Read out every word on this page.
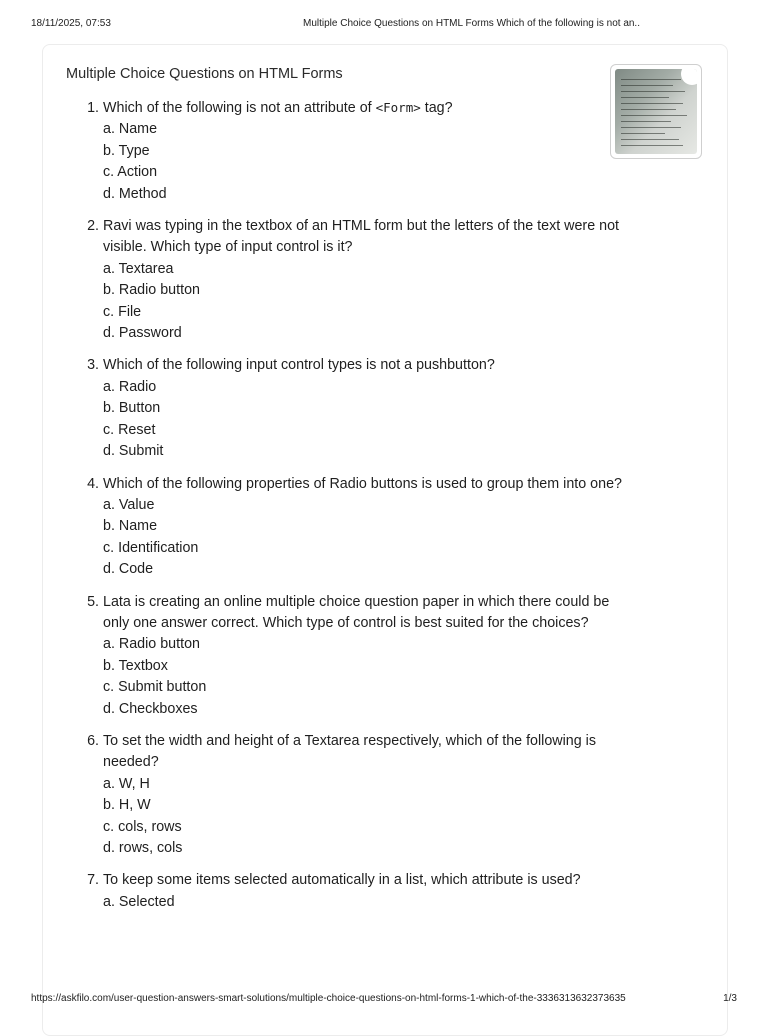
18/11/2025, 07:53	Multiple Choice Questions on HTML Forms Which of the following is not an..
Multiple Choice Questions on HTML Forms
1. Which of the following is not an attribute of <Form> tag?
a. Name
b. Type
c. Action
d. Method
2. Ravi was typing in the textbox of an HTML form but the letters of the text were not visible. Which type of input control is it?
a. Textarea
b. Radio button
c. File
d. Password
3. Which of the following input control types is not a pushbutton?
a. Radio
b. Button
c. Reset
d. Submit
4. Which of the following properties of Radio buttons is used to group them into one?
a. Value
b. Name
c. Identification
d. Code
5. Lata is creating an online multiple choice question paper in which there could be only one answer correct. Which type of control is best suited for the choices?
a. Radio button
b. Textbox
c. Submit button
d. Checkboxes
6. To set the width and height of a Textarea respectively, which of the following is needed?
a. W, H
b. H, W
c. cols, rows
d. rows, cols
7. To keep some items selected automatically in a list, which attribute is used?
a. Selected
https://askfilo.com/user-question-answers-smart-solutions/multiple-choice-questions-on-html-forms-1-which-of-the-3336313632373635	1/3
